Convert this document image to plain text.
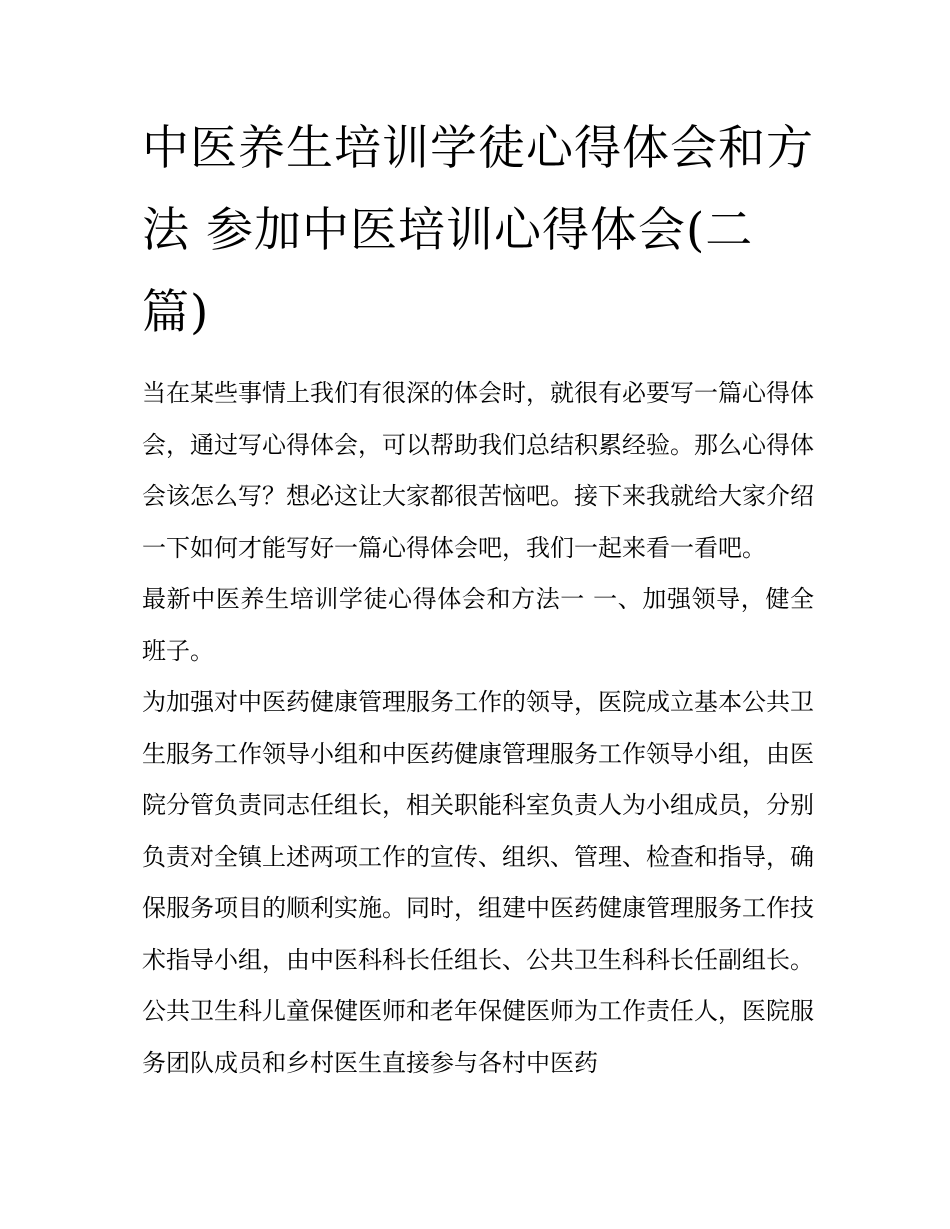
中医养生培训学徒心得体会和方法 参加中医培训心得体会(二篇)

当在某些事情上我们有很深的体会时，就很有必要写一篇心得体会，通过写心得体会，可以帮助我们总结积累经验。那么心得体会该怎么写？想必这让大家都很苦恼吧。接下来我就给大家介绍一下如何才能写好一篇心得体会吧，我们一起来看一看吧。

最新中医养生培训学徒心得体会和方法一 一、加强领导，健全班子。

为加强对中医药健康管理服务工作的领导，医院成立基本公共卫生服务工作领导小组和中医药健康管理服务工作领导小组，由医院分管负责同志任组长，相关职能科室负责人为小组成员，分别负责对全镇上述两项工作的宣传、组织、管理、检查和指导，确保服务项目的顺利实施。同时，组建中医药健康管理服务工作技术指导小组，由中医科科长任组长、公共卫生科科长任副组长。公共卫生科儿童保健医师和老年保健医师为工作责任人，医院服务团队成员和乡村医生直接参与各村中医药
